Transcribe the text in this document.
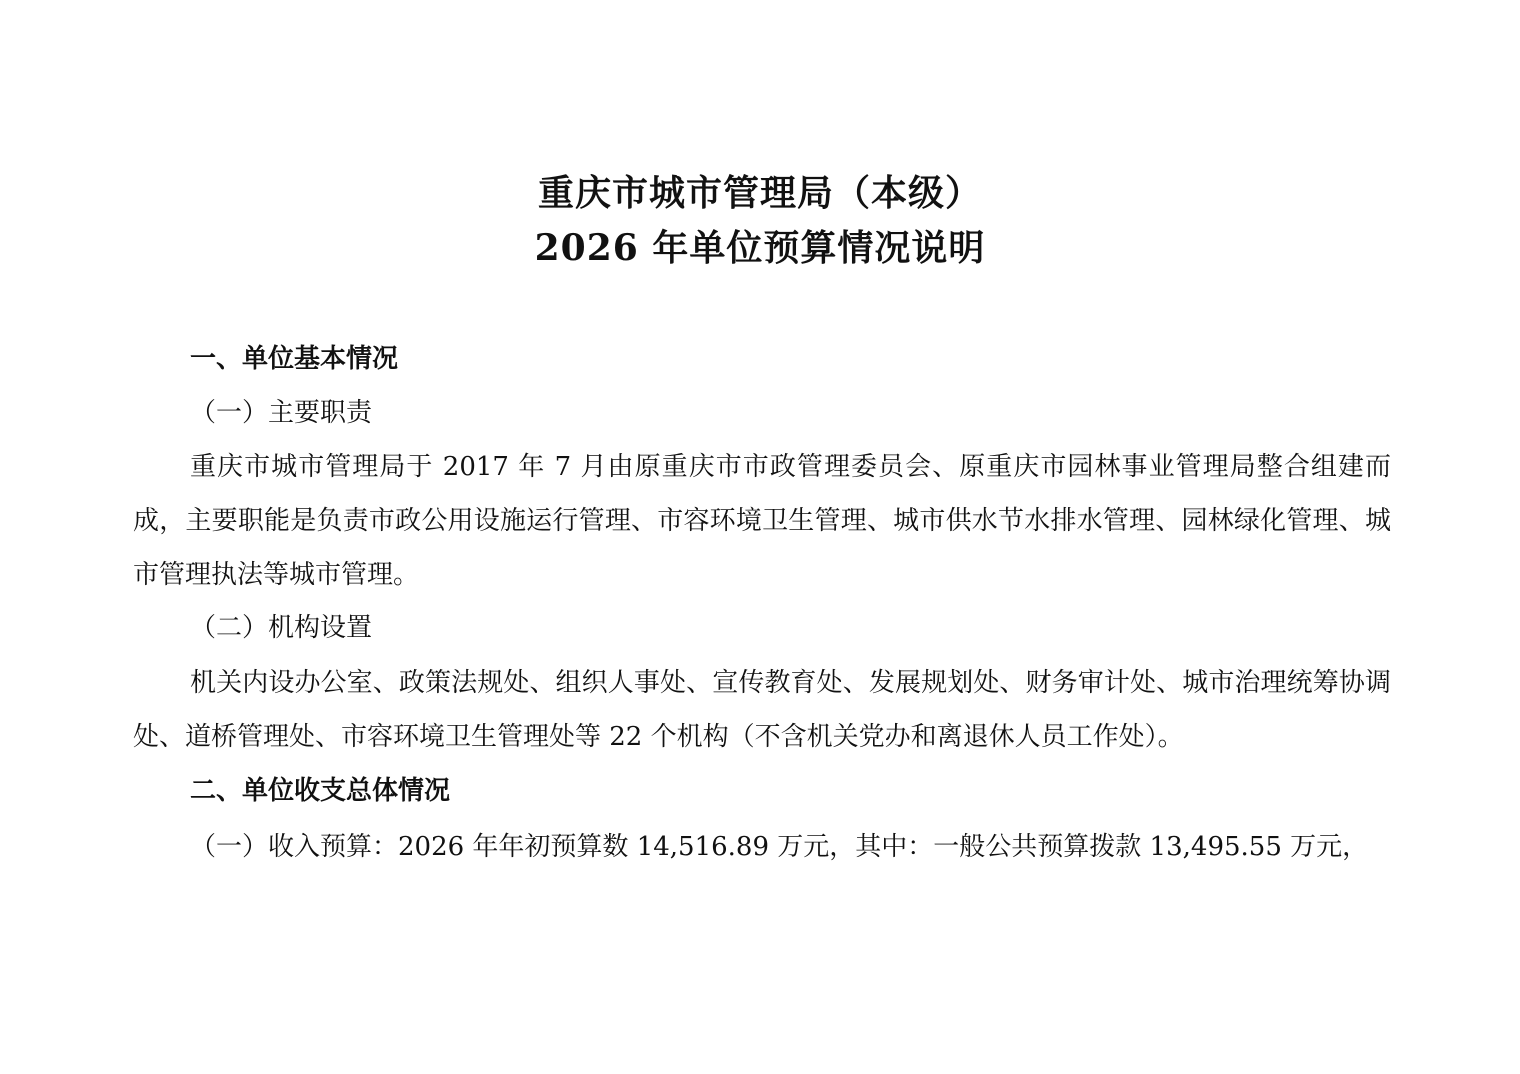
重庆市城市管理局（本级）
2026 年单位预算情况说明
一、单位基本情况
（一）主要职责
重庆市城市管理局于 2017 年 7 月由原重庆市市政管理委员会、原重庆市园林事业管理局整合组建而成，主要职能是负责市政公用设施运行管理、市容环境卫生管理、城市供水节水排水管理、园林绿化管理、城市管理执法等城市管理。
（二）机构设置
机关内设办公室、政策法规处、组织人事处、宣传教育处、发展规划处、财务审计处、城市治理统筹协调处、道桥管理处、市容环境卫生管理处等 22 个机构（不含机关党办和离退休人员工作处）。
二、单位收支总体情况
（一）收入预算：2026 年年初预算数 14,516.89 万元，其中：一般公共预算拨款 13,495.55 万元，
